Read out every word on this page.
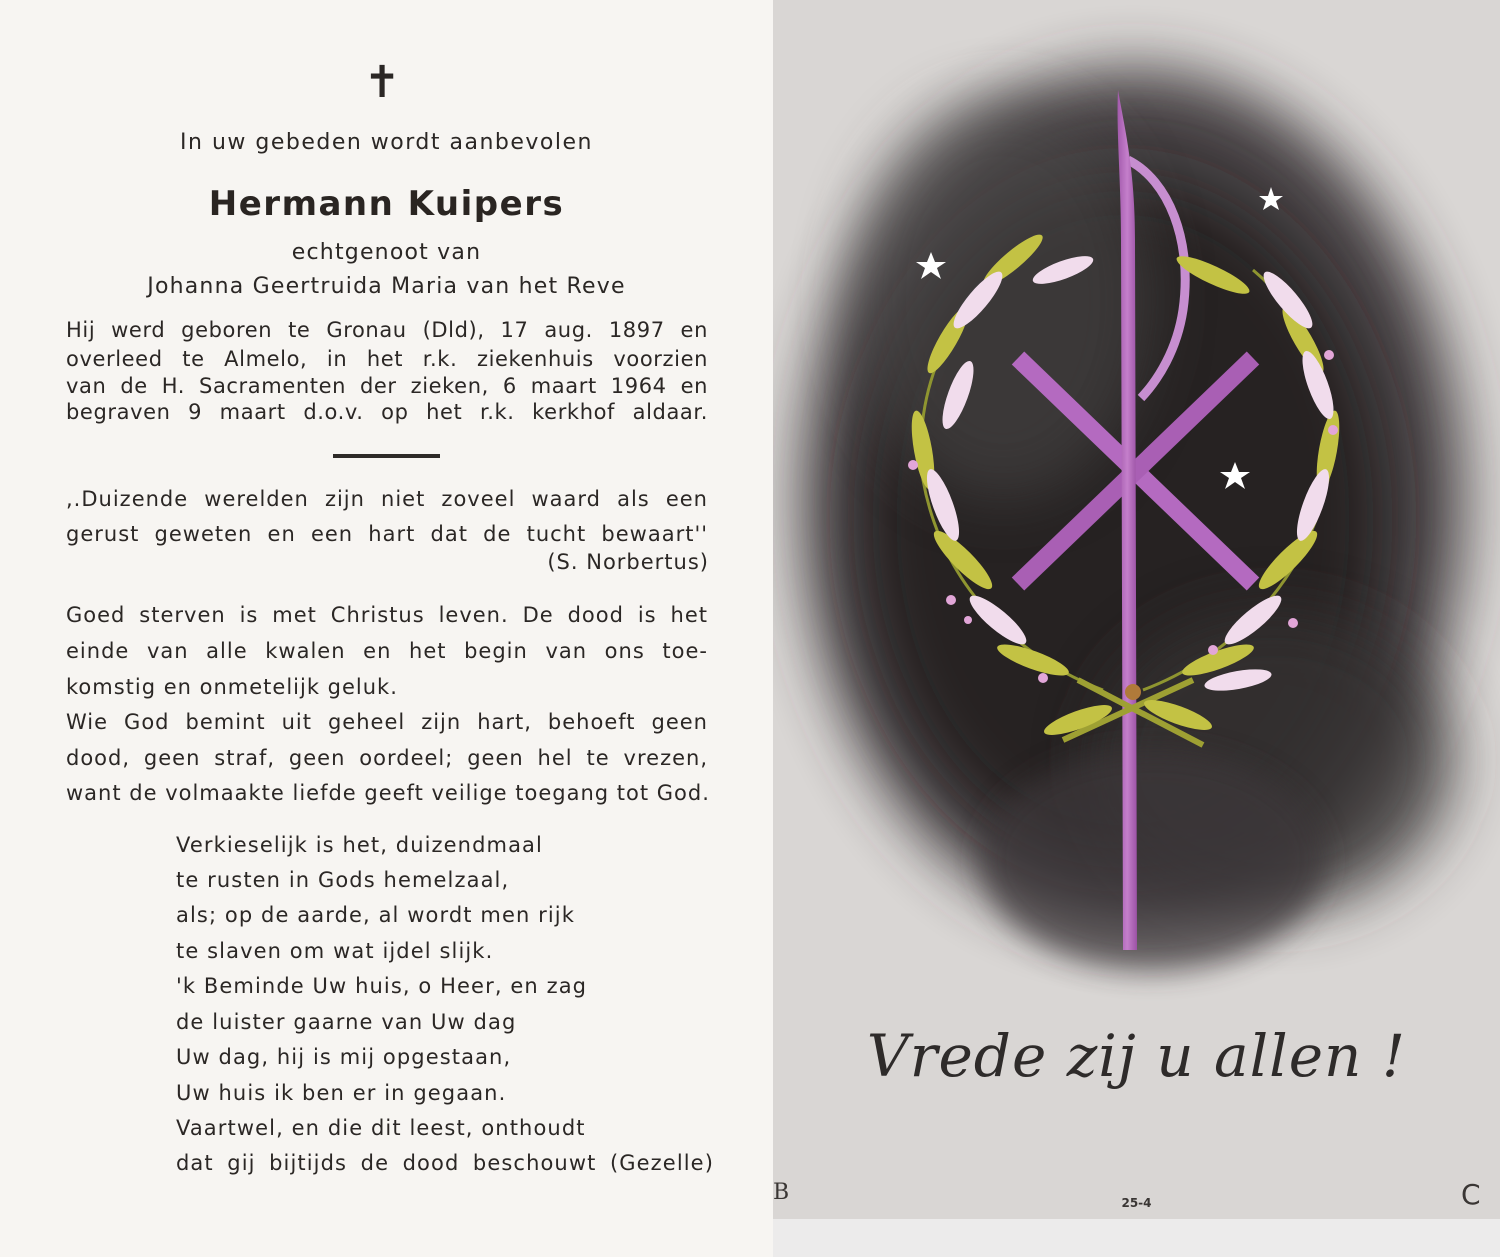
✝
In uw gebeden wordt aanbevolen
Hermann Kuipers
echtgenoot van
Johanna Geertruida Maria van het Reve
Hij werd geboren te Gronau (Dld), 17 aug. 1897 en
overleed te Almelo, in het r.k. ziekenhuis voorzien
van de H. Sacramenten der zieken, 6 maart 1964 en
begraven 9 maart d.o.v. op het r.k. kerkhof aldaar.
,.Duizende werelden zijn niet zoveel waard als een
gerust geweten en een hart dat de tucht bewaart''
(S. Norbertus)
Goed sterven is met Christus leven. De dood is het
einde van alle kwalen en het begin van ons toe-
komstig en onmetelijk geluk.
Wie God bemint uit geheel zijn hart, behoeft geen
dood, geen straf, geen oordeel; geen hel te vrezen,
want de volmaakte liefde geeft veilige toegang tot God.
Verkieselijk is het, duizendmaal
te rusten in Gods hemelzaal,
als; op de aarde, al wordt men rijk
te slaven om wat ijdel slijk.
'k Beminde Uw huis, o Heer, en zag
de luister gaarne van Uw dag
Uw dag, hij is mij opgestaan,
Uw huis ik ben er in gegaan.
Vaartwel, en die dit leest, onthoudt
dat gij bijtijds de dood beschouwt (Gezelle)
Vrede zij u allen !
B	25-4	C
